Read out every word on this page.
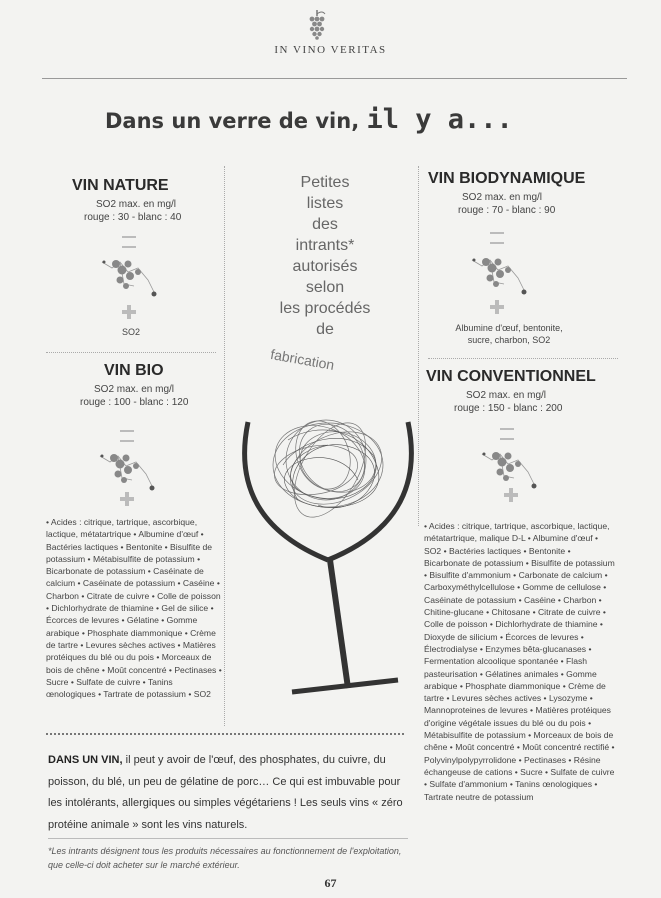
IN VINO VERITAS
Dans un verre de vin, il y a...
Petites
listes
des
intrants*
autorisés
selon
les procédés
de
fabrication
VIN NATURE
SO2 max. en mg/l
rouge : 30 - blanc : 40
SO2
VIN BIODYNAMIQUE
SO2 max. en mg/l
rouge : 70 - blanc : 90
Albumine d'œuf, bentonite, sucre, charbon, SO2
VIN BIO
SO2 max. en mg/l
rouge : 100 - blanc : 120
• Acides : citrique, tartrique, ascorbique, lactique, métatartrique • Albumine d'œuf • Bactéries lactiques • Bentonite • Bisulfite de potassium • Métabisulfite de potassium • Bicarbonate de potassium • Caséinate de calcium • Caséinate de potassium • Caséine • Charbon • Citrate de cuivre • Colle de poisson • Dichlorhydrate de thiamine • Gel de silice • Écorces de levures • Gélatine • Gomme arabique • Phosphate diammonique • Crème de tartre • Levures sèches actives • Matières protéiques du blé ou du pois • Morceaux de bois de chêne • Moût concentré • Pectinases • Sucre • Sulfate de cuivre • Tanins œnologiques • Tartrate de potassium • SO2
VIN CONVENTIONNEL
SO2 max. en mg/l
rouge : 150 - blanc : 200
• Acides : citrique, tartrique, ascorbique, lactique, métatartrique, malique D-L • Albumine d'œuf • SO2 • Bactéries lactiques • Bentonite • Bicarbonate de potassium • Bisulfite de potassium • Bisulfite d'ammonium • Carbonate de calcium • Carboxyméthylcellulose • Gomme de cellulose • Caséinate de potassium • Caséine • Charbon • Chitine-glucane • Chitosane • Citrate de cuivre • Colle de poisson • Dichlorhydrate de thiamine • Dioxyde de silicium • Écorces de levures • Électrodialyse • Enzymes bêta-glucanases • Fermentation alcoolique spontanée • Flash pasteurisation • Gélatines animales • Gomme arabique • Phosphate diammonique • Crème de tartre • Levures sèches actives • Lysozyme • Mannoproteines de levures • Matières protéiques d'origine végétale issues du blé ou du pois • Métabisulfite de potassium • Morceaux de bois de chêne • Moût concentré • Moût concentré rectifié • Polyvinylpolypyrrolidone • Pectinases • Résine échangeuse de cations • Sucre • Sulfate de cuivre • Sulfate d'ammonium • Tanins œnologiques • Tartrate neutre de potassium
DANS UN VIN, il peut y avoir de l'œuf, des phosphates, du cuivre, du poisson, du blé, un peu de gélatine de porc… Ce qui est imbuvable pour les intolérants, allergiques ou simples végétariens ! Les seuls vins « zéro protéine animale » sont les vins naturels.
*Les intrants désignent tous les produits nécessaires au fonctionnement de l'exploitation, que celle-ci doit acheter sur le marché extérieur.
67
